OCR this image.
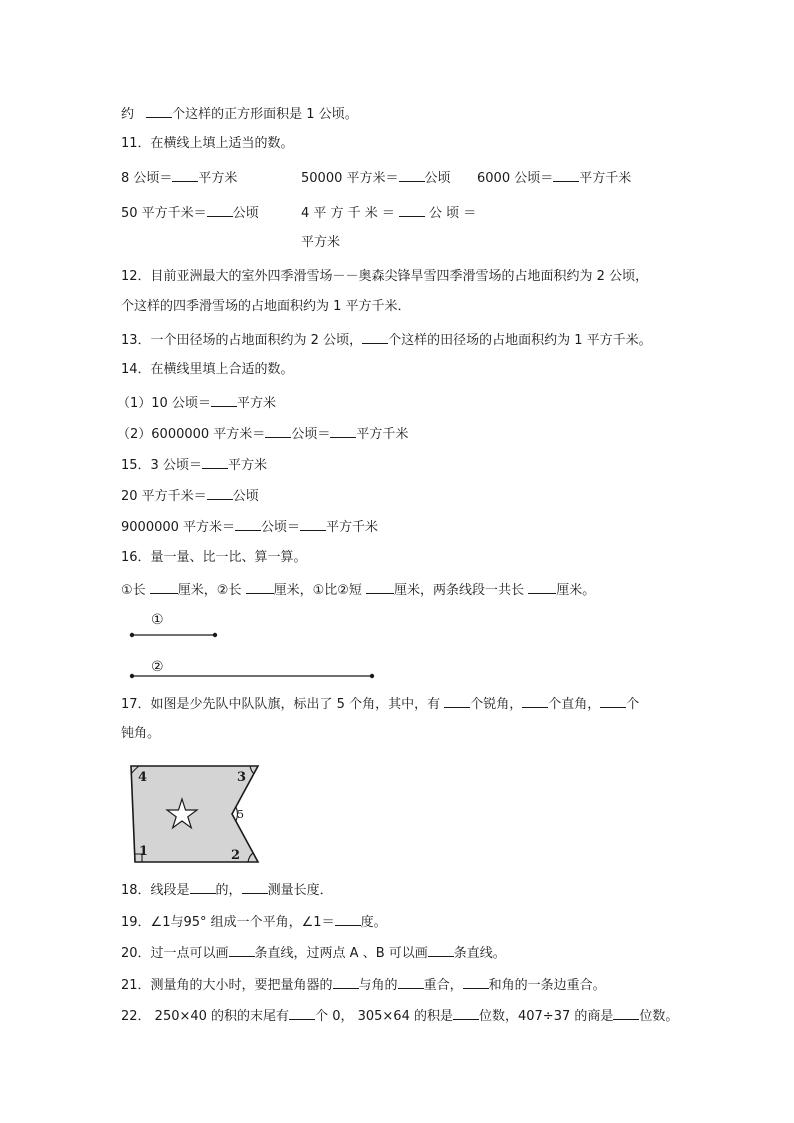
约	个这样的正方形面积是 1 公顷。
11．在横线上填上适当的数。
8 公顷＝ 平方米	50000 平方米＝ 公顷 6000 公顷＝ 平方千米
50 平方千米＝ 公顷	4 平 方 千 米 ＝	公 顷 ＝
平方米
12．目前亚洲最大的室外四季滑雪场－－奥森尖锋旱雪四季滑雪场的占地面积约为 2 公顷，
个这样的四季滑雪场的占地面积约为 1 平方千米．
13．一个田径场的占地面积约为 2 公顷， 个这样的田径场的占地面积约为 1 平方千米。
14．在横线里填上合适的数。
（1）10 公顷＝ 平方米
（2）6000000 平方米＝ 公顷＝ 平方千米
15．3 公顷＝ 平方米
20 平方千米＝ 公顷
9000000 平方米＝ 公顷＝ 平方千米
16．量一量、比一比、算一算。
①长 厘米，②长 厘米，①比②短 厘米，两条线段一共长 厘米。
①
②
17．如图是少先队中队队旗，标出了 5 个角，其中，有 个锐角， 个直角， 个
钝角。
4	3
5
1	2
18．线段是 的， 测量长度．
19．∠1与95° 组成一个平角，∠1＝ 度。
20．过一点可以画 条直线，过两点 A 、B 可以画 条直线。
21．测量角的大小时，要把量角器的 与角的 重合， 和角的一条边重合。
22． 250×40 的积的末尾有 个 0， 305×64 的积是 位数，407÷37 的商是 位数。
